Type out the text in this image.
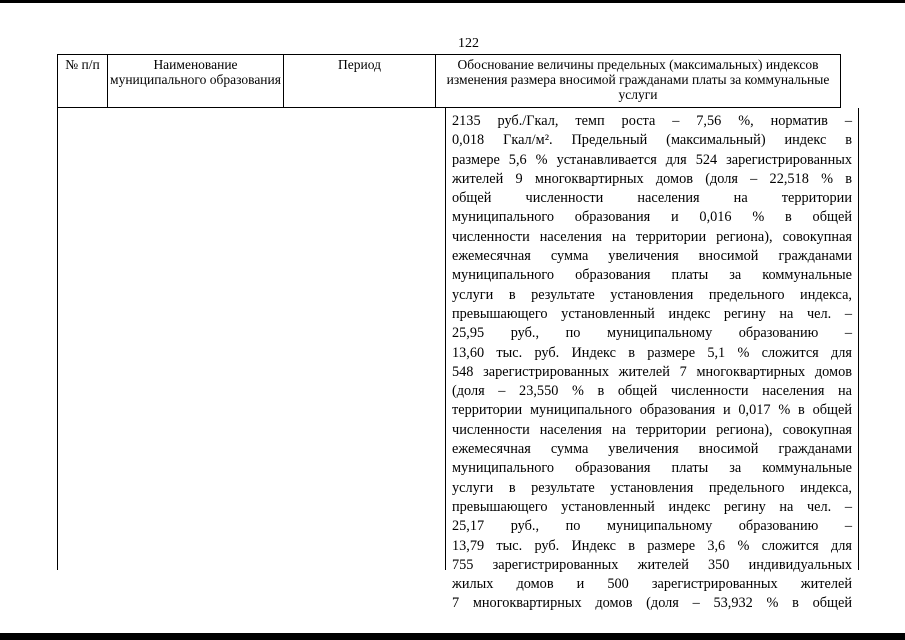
122
№ п/п	Наименование муниципального образования	Период	Обоснование величины предельных (максимальных) индексов изменения размера вносимой гражданами платы за коммунальные услуги
2135 руб./Гкал, темп роста – 7,56 %, норматив –
0,018 Гкал/м². Предельный (максимальный) индекс в
размере 5,6 % устанавливается для 524 зарегистрированных
жителей 9 многоквартирных домов (доля – 22,518 % в
общей численности населения на территории
муниципального образования и 0,016 % в общей
численности населения на территории региона), совокупная
ежемесячная сумма увеличения вносимой гражданами
муниципального образования платы за коммунальные
услуги в результате установления предельного индекса,
превышающего установленный индекс регину на чел. –
25,95 руб., по муниципальному образованию –
13,60 тыс. руб. Индекс в размере 5,1 % сложится для
548 зарегистрированных жителей 7 многоквартирных домов
(доля – 23,550 % в общей численности населения на
территории муниципального образования и 0,017 % в общей
численности населения на территории региона), совокупная
ежемесячная сумма увеличения вносимой гражданами
муниципального образования платы за коммунальные
услуги в результате установления предельного индекса,
превышающего установленный индекс регину на чел. –
25,17 руб., по муниципальному образованию –
13,79 тыс. руб. Индекс в размере 3,6 % сложится для
755 зарегистрированных жителей 350 индивидуальных
жилых домов и 500 зарегистрированных жителей
7 многоквартирных домов (доля – 53,932 % в общей
